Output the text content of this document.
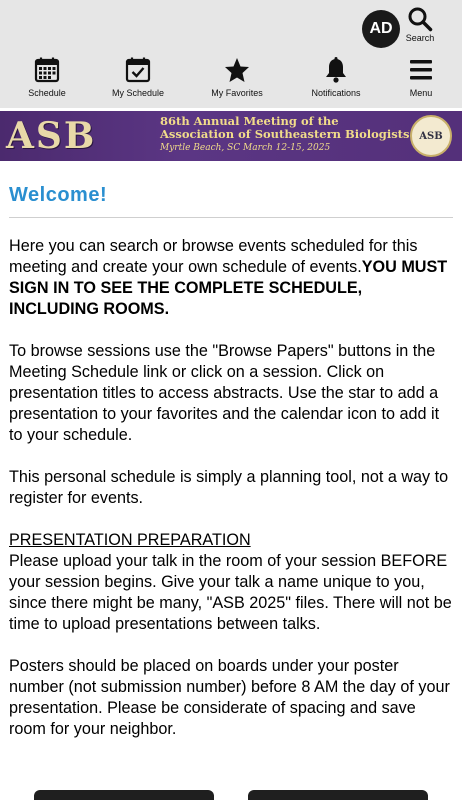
AD
Search
Schedule	My Schedule	My Favorites	Notifications	Menu
ASB	86th Annual Meeting of the
Association of Southeastern Biologists
Myrtle Beach, SC March 12-15, 2025
ASB
Welcome!

Here you can search or browse events scheduled for this meeting and create your own schedule of events.YOU MUST SIGN IN TO SEE THE COMPLETE SCHEDULE, INCLUDING ROOMS.

To browse sessions use the "Browse Papers" buttons in the Meeting Schedule link or click on a session. Click on presentation titles to access abstracts. Use the star to add a presentation to your favorites and the calendar icon to add it to your schedule.

This personal schedule is simply a planning tool, not a way to register for events.

PRESENTATION PREPARATION
Please upload your talk in the room of your session BEFORE your session begins. Give your talk a name unique to you, since there might be many, "ASB 2025" files. There will not be time to upload presentations between talks.

Posters should be placed on boards under your poster number (not submission number) before 8 AM the day of your presentation. Please be considerate of spacing and save room for your neighbor.
